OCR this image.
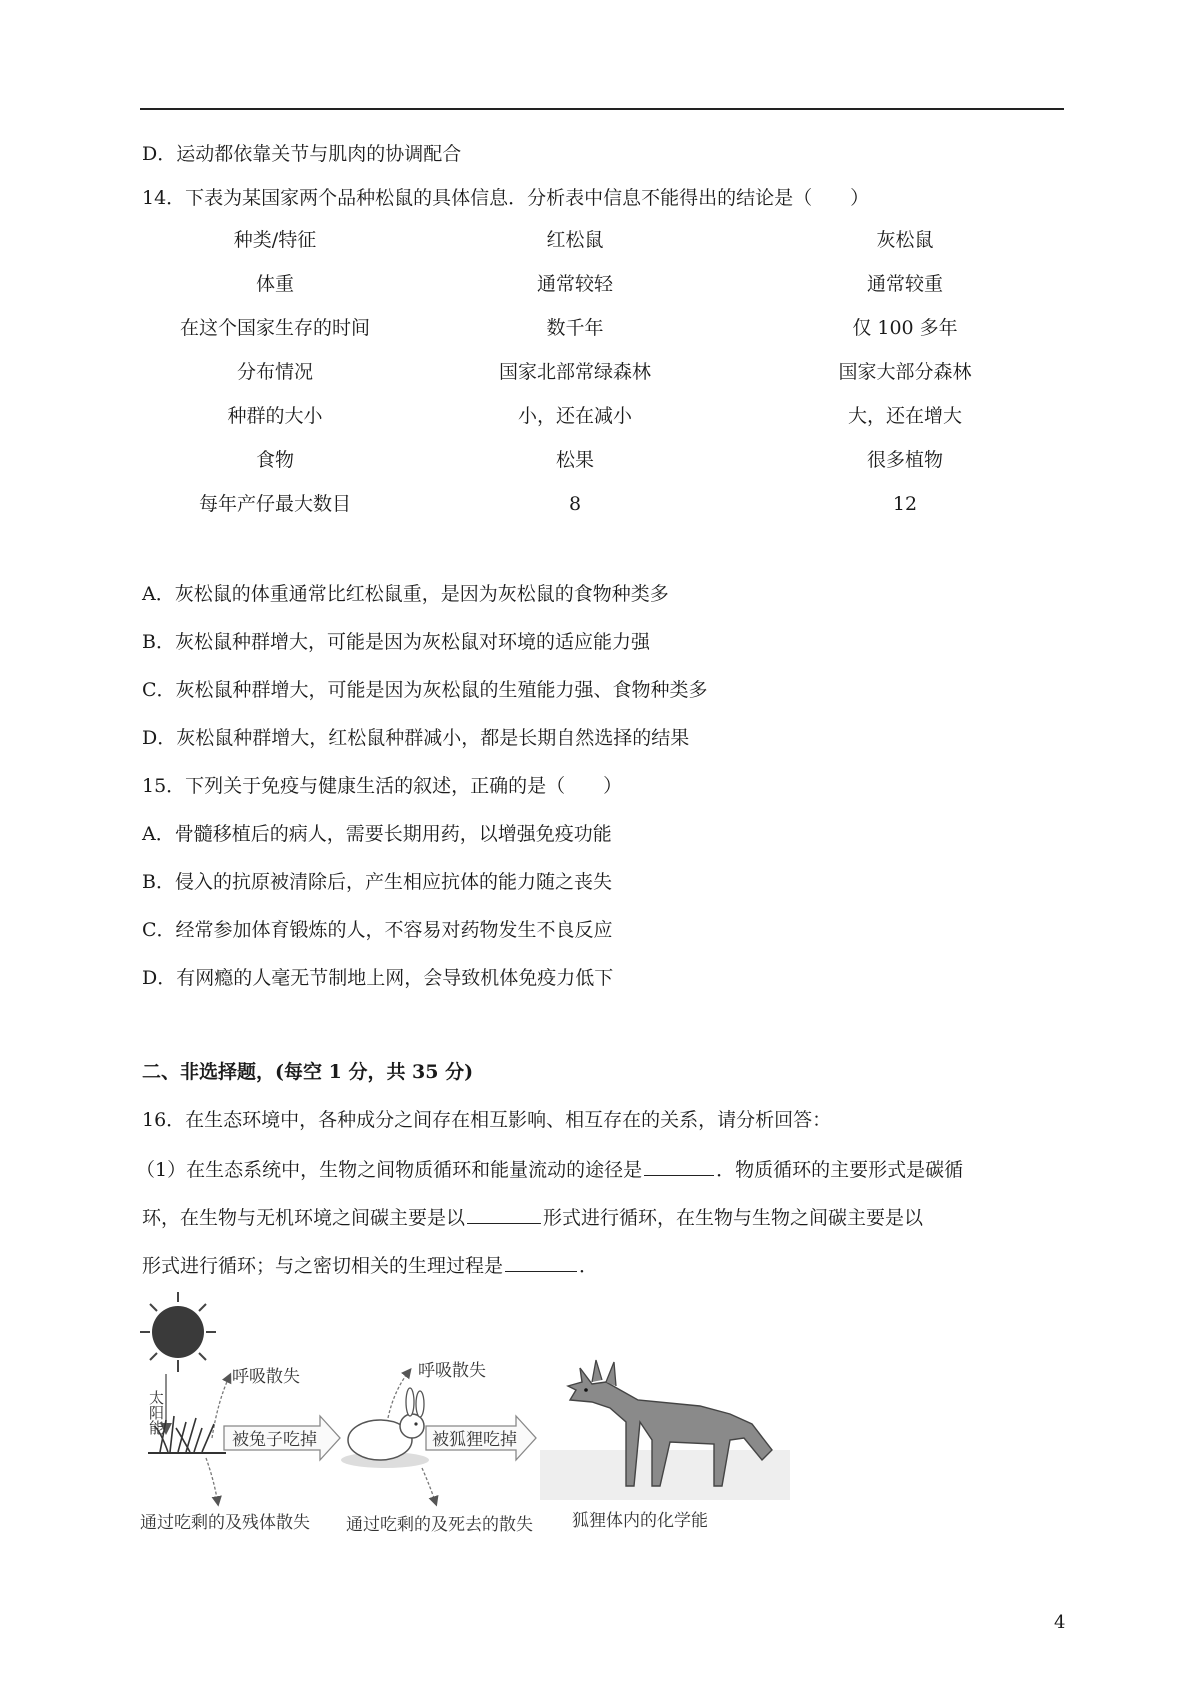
D．运动都依靠关节与肌肉的协调配合
14．下表为某国家两个品种松鼠的具体信息．分析表中信息不能得出的结论是（　　）
种类/特征	红松鼠	灰松鼠
体重	通常较轻	通常较重
在这个国家生存的时间	数千年	仅 100 多年
分布情况	国家北部常绿森林	国家大部分森林
种群的大小	小，还在减小	大，还在增大
食物	松果	很多植物
每年产仔最大数目	8	12
A．灰松鼠的体重通常比红松鼠重，是因为灰松鼠的食物种类多
B．灰松鼠种群增大，可能是因为灰松鼠对环境的适应能力强
C．灰松鼠种群增大，可能是因为灰松鼠的生殖能力强、食物种类多
D．灰松鼠种群增大，红松鼠种群减小，都是长期自然选择的结果
15．下列关于免疫与健康生活的叙述，正确的是（　　）
A．骨髓移植后的病人，需要长期用药，以增强免疫功能
B．侵入的抗原被清除后，产生相应抗体的能力随之丧失
C．经常参加体育锻炼的人，不容易对药物发生不良反应
D．有网瘾的人毫无节制地上网，会导致机体免疫力低下
二、非选择题，(每空 1 分，共 35 分)
16．在生态环境中，各种成分之间存在相互影响、相互存在的关系，请分析回答：
（1）在生态系统中，生物之间物质循环和能量流动的途径是	．物质循环的主要形式是碳循
环，在生物与无机环境之间碳主要是以	形式进行循环，在生物与生物之间碳主要是以
形式进行循环；与之密切相关的生理过程是	．
太阳能
呼吸散失
被兔子吃掉
呼吸散失
被狐狸吃掉
通过吃剩的及残体散失 通过吃剩的及死去的散失 狐狸体内的化学能
4
